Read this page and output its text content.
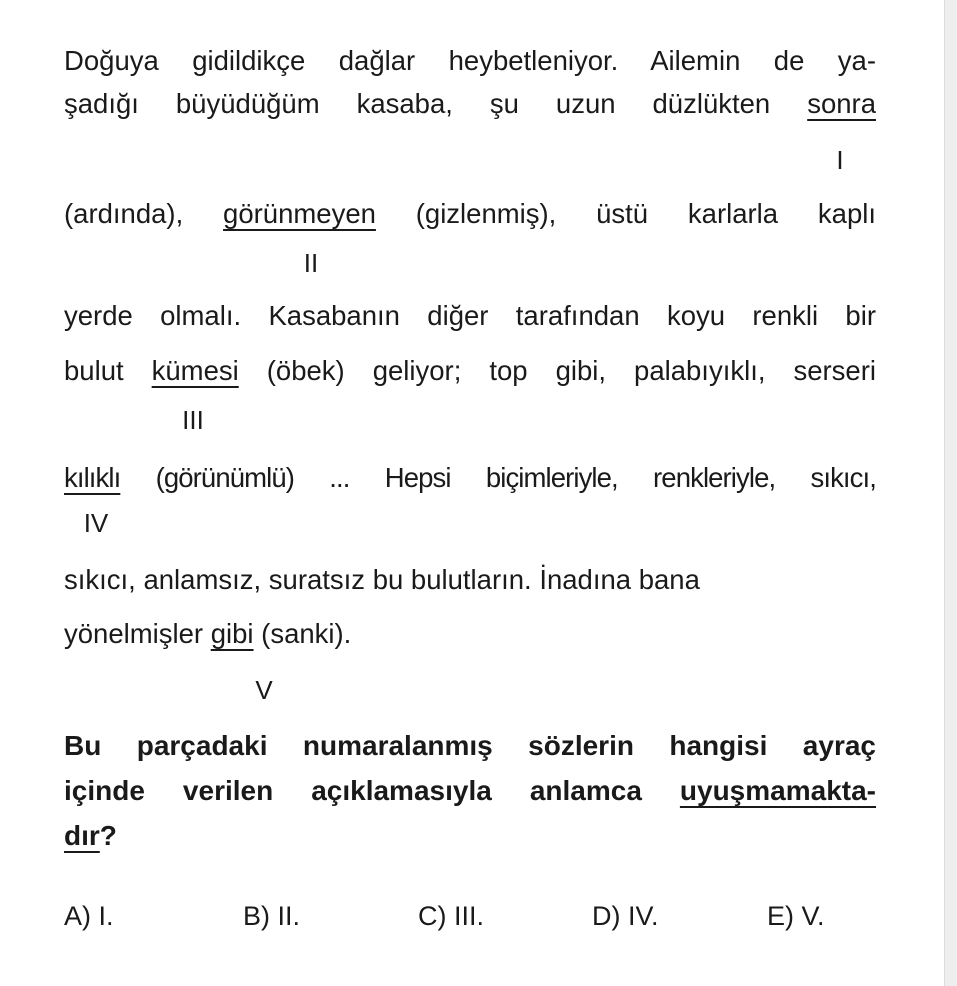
Doğuya gidildikçe dağlar heybetleniyor. Ailemin de ya-
şadığı büyüdüğüm kasaba, şu uzun düzlükten sonra
(ardında), görünmeyen (gizlenmiş), üstü karlarla kaplı
yerde olmalı. Kasabanın diğer tarafından koyu renkli bir
bulut kümesi (öbek) geliyor; top gibi, palabıyıklı, serseri
kılıklı (görünümlü) ... Hepsi biçimleriyle, renkleriyle, sıkıcı,
sıkıcı, anlamsız, suratsız bu bulutların. İnadına bana
yönelmişler gibi (sanki).
I
II
III
IV
V
Bu parçadaki numaralanmış sözlerin hangisi ayraç
içinde verilen açıklamasıyla anlamca uyuşmamakta-
dır?
A) I.	B) II.	C) III.	D) IV.	E) V.
